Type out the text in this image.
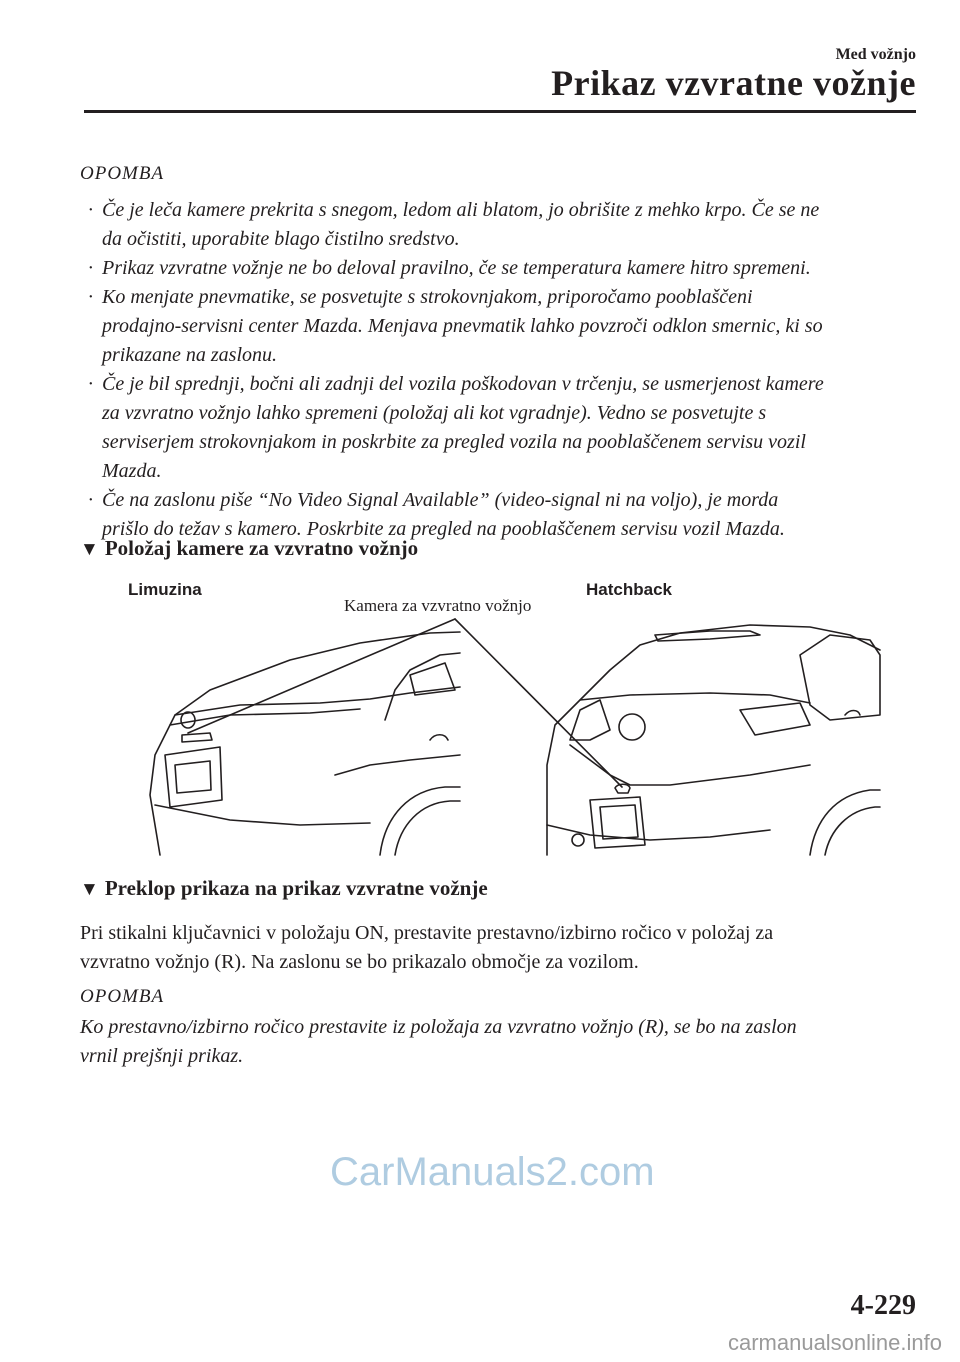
Med vožnjo
Prikaz vzvratne vožnje
OPOMBA
· Če je leča kamere prekrita s snegom, ledom ali blatom, jo obrišite z mehko krpo. Če se ne
da očistiti, uporabite blago čistilno sredstvo.
· Prikaz vzvratne vožnje ne bo deloval pravilno, če se temperatura kamere hitro spremeni.
· Ko menjate pnevmatike, se posvetujte s strokovnjakom, priporočamo pooblaščeni
prodajno-servisni center Mazda. Menjava pnevmatik lahko povzroči odklon smernic, ki so
prikazane na zaslonu.
· Če je bil sprednji, bočni ali zadnji del vozila poškodovan v trčenju, se usmerjenost kamere
za vzvratno vožnjo lahko spremeni (položaj ali kot vgradnje). Vedno se posvetujte s
serviserjem strokovnjakom in poskrbite za pregled vozila na pooblaščenem servisu vozil
Mazda.
· Če na zaslonu piše “No Video Signal Available” (video-signal ni na voljo), je morda
prišlo do težav s kamero. Poskrbite za pregled na pooblaščenem servisu vozil Mazda.
▼ Položaj kamere za vzvratno vožnjo
Limuzina	Hatchback
Kamera za vzvratno vožnjo
▼ Preklop prikaza na prikaz vzvratne vožnje

Pri stikalni ključavnici v položaju ON, prestavite prestavno/izbirno ročico v položaj za
vzvratno vožnjo (R). Na zaslonu se bo prikazalo območje za vozilom.

OPOMBA

Ko prestavno/izbirno ročico prestavite iz položaja za vzvratno vožnjo (R), se bo na zaslon
vrnil prejšnji prikaz.

CarManuals2.com
4-229
carmanualsonline.info
